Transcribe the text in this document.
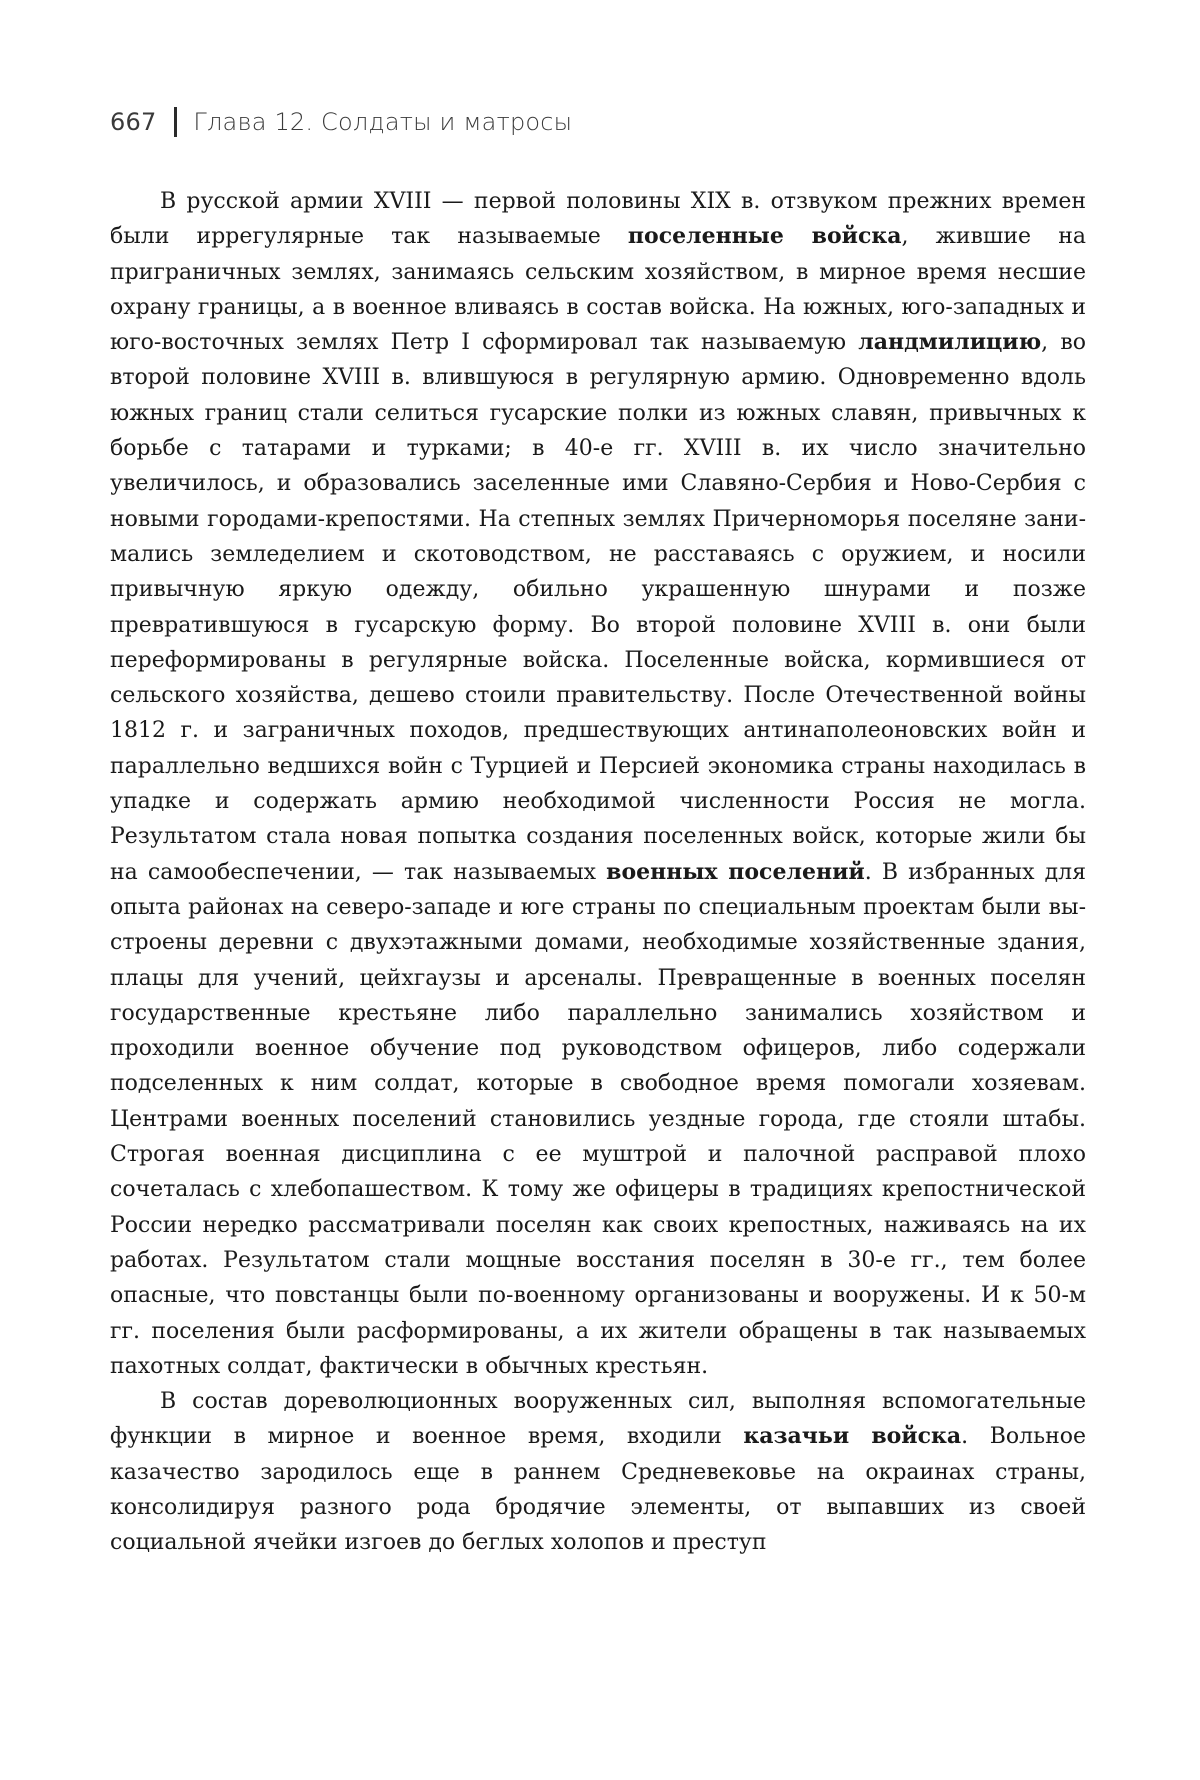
667 Глава 12. Солдаты и матросы

В русской армии XVIII — первой половины XIX в. отзвуком прежних времен были иррегулярные так называемые поселенные войска, жившие на приграничных землях, занимаясь сельским хозяйством, в мирное время несшие охрану границы, а в военное вливаясь в состав войска. На южных, юго-западных и юго-восточных землях Петр I сформировал так называемую ландмилицию, во второй половине XVIII в. влившуюся в регулярную армию. Одновременно вдоль южных границ стали селиться гусарские полки из южных славян, привычных к борьбе с татарами и турками; в 40-е гг. XVIII в. их число значительно увеличилось, и образовались заселенные ими Славяно-Сербия и Ново-Сербия с новыми городами-крепостями. На степных землях Причерноморья поселяне занимались земледелием и скотоводством, не расставаясь с оружием, и носили привычную яркую одежду, обильно украшенную шнурами и позже превратившуюся в гусарскую форму. Во второй половине XVIII в. они были переформированы в регулярные войска. Поселенные войска, кормившиеся от сельского хозяйства, дешево стоили правительству. После Отечественной войны 1812 г. и заграничных походов, предшествующих антинаполеоновских войн и параллельно ведшихся войн с Турцией и Персией экономика страны находилась в упадке и содержать армию необходимой численности Россия не могла. Результатом стала новая попытка создания поселенных войск, которые жили бы на самообеспечении, — так называемых военных поселений. В избранных для опыта районах на северо-западе и юге страны по специальным проектам были выстроены деревни с двухэтажными домами, необходимые хозяйственные здания, плацы для учений, цейхгаузы и арсеналы. Превращенные в военных поселян государственные крестьяне либо параллельно занимались хозяйством и проходили военное обучение под руководством офицеров, либо содержали подселенных к ним солдат, которые в свободное время помогали хозяевам. Центрами военных поселений становились уездные города, где стояли штабы. Строгая военная дисциплина с ее муштрой и палочной расправой плохо сочеталась с хлебопашеством. К тому же офицеры в традициях крепостнической России нередко рассматривали поселян как своих крепостных, наживаясь на их работах. Результатом стали мощные восстания поселян в 30-е гг., тем более опасные, что повстанцы были по-военному организованы и вооружены. И к 50-м гг. поселения были расформированы, а их жители обращены в так называемых пахотных солдат, фактически в обычных крестьян.

В состав дореволюционных вооруженных сил, выполняя вспомогательные функции в мирное и военное время, входили казачьи войска. Вольное казачество зародилось еще в раннем Средневековье на окраинах страны, консолидируя разного рода бродячие элементы, от выпавших из своей социальной ячейки изгоев до беглых холопов и преступ
